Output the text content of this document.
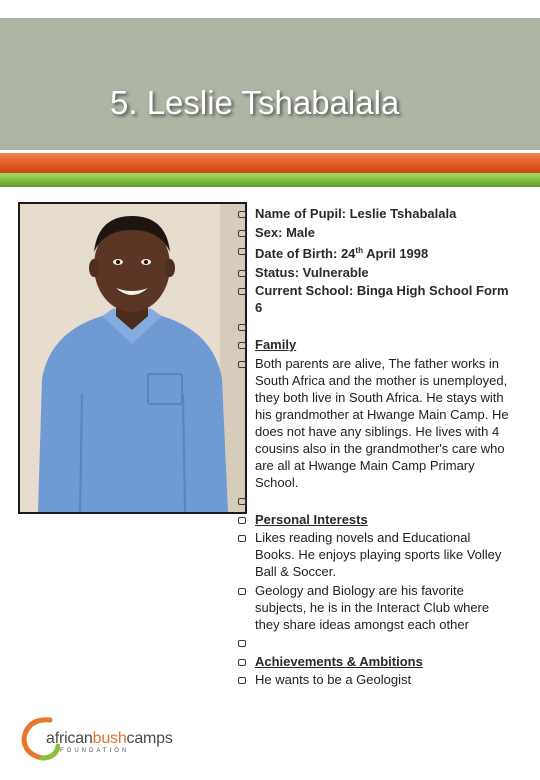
5. Leslie Tshabalala
Name of Pupil: Leslie Tshabalala
Sex: Male
Date of Birth: 24th April 1998
Status: Vulnerable
Current School: Binga High School Form 6
Family
Both parents are alive, The father works in South Africa and the mother is unemployed, they both live in South Africa. He stays with his grandmother at Hwange Main Camp. He does not have any siblings. He lives with 4 cousins also in the grandmother's care who are all at Hwange Main Camp Primary School.
Personal Interests
Likes reading novels and Educational Books. He enjoys playing sports like Volley Ball & Soccer.
Geology and Biology are his favorite subjects, he is in the Interact Club where they share ideas amongst each other
Achievements & Ambitions
He wants to be a Geologist
africanbushcamps
FOUNDATION
